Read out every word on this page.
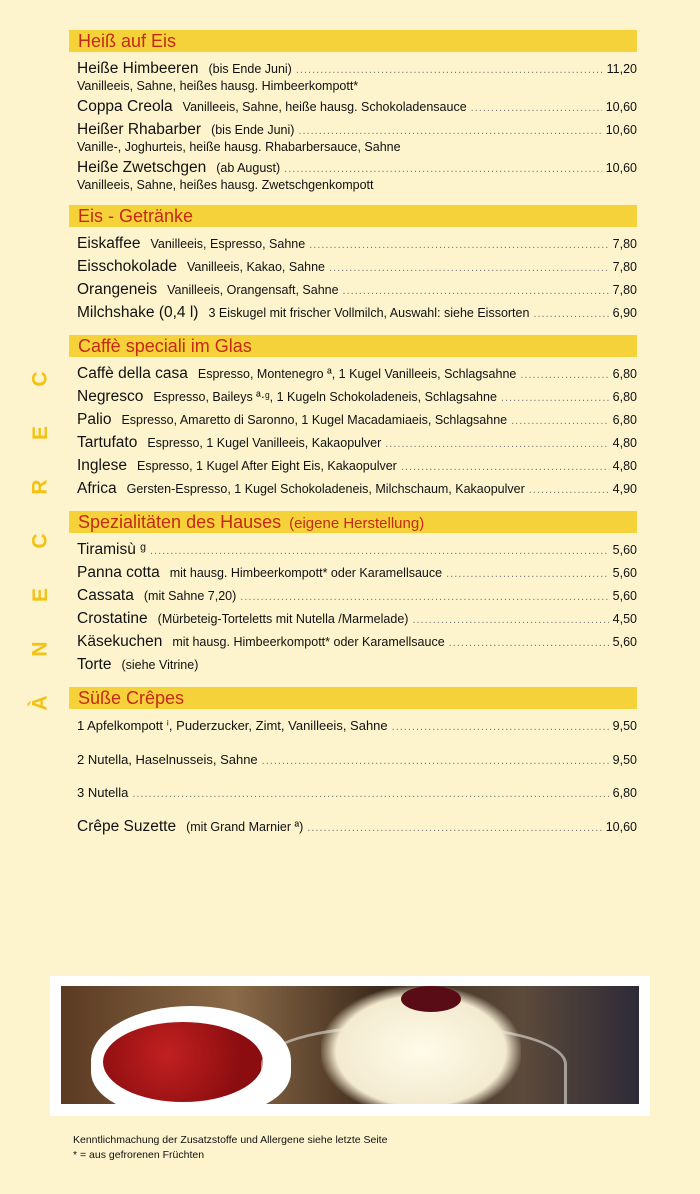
C
E
R
C
E
N
À
Heiß auf Eis
Heiße Himbeeren (bis Ende Juni) .....	11,20
Vanilleeis, Sahne, heißes hausg. Himbeerkompott*
Coppa Creola Vanilleeis, Sahne, heiße hausg. Schokoladensauce .....	10,60
Heißer Rhabarber (bis Ende Juni) .....	10,60
Vanille-, Joghurteis, heiße hausg. Rhabarbersauce, Sahne
Heiße Zwetschgen (ab August) .....	10,60
Vanilleeis, Sahne, heißes hausg. Zwetschgenkompott
Eis - Getränke
Eiskaffee Vanilleeis, Espresso, Sahne .....	7,80
Eisschokolade Vanilleeis, Kakao, Sahne .....	7,80
Orangeneis Vanilleeis, Orangensaft, Sahne .....	7,80
Milchshake (0,4 l) 3 Eiskugel mit frischer Vollmilch, Auswahl: siehe Eissorten .....	6,90
Caffè speciali im Glas
Caffè della casa Espresso, Montenegro ª, 1 Kugel Vanilleeis, Schlagsahne .....	6,80
Negresco Espresso, Baileys ª·ᵍ, 1 Kugeln Schokoladeneis, Schlagsahne .....	6,80
Palio Espresso, Amaretto di Saronno, 1 Kugel Macadamiaeis, Schlagsahne .....	6,80
Tartufato Espresso, 1 Kugel Vanilleeis, Kakaopulver .....	4,80
Inglese Espresso, 1 Kugel After Eight Eis, Kakaopulver .....	4,80
Africa Gersten-Espresso, 1 Kugel Schokoladeneis, Milchschaum, Kakaopulver .....	4,90
Spezialitäten des Hauses (eigene Herstellung)
Tiramisù ᵍ .....	5,60
Panna cotta mit hausg. Himbeerkompott* oder Karamellsauce .....	5,60
Cassata (mit Sahne 7,20) .....	5,60
Crostatine (Mürbeteig-Torteletts mit Nutella /Marmelade) .....	4,50
Käsekuchen mit hausg. Himbeerkompott* oder Karamellsauce .....	5,60
Torte (siehe Vitrine)
Süße Crêpes
1 Apfelkompott ⁱ, Puderzucker, Zimt, Vanilleeis, Sahne .....	9,50
2 Nutella, Haselnusseis, Sahne .....	9,50
3 Nutella .....	6,80
Crêpe Suzette (mit Grand Marnier ª) .....	10,60
Kenntlichmachung der Zusatzstoffe und Allergene siehe letzte Seite
* = aus gefrorenen Früchten
